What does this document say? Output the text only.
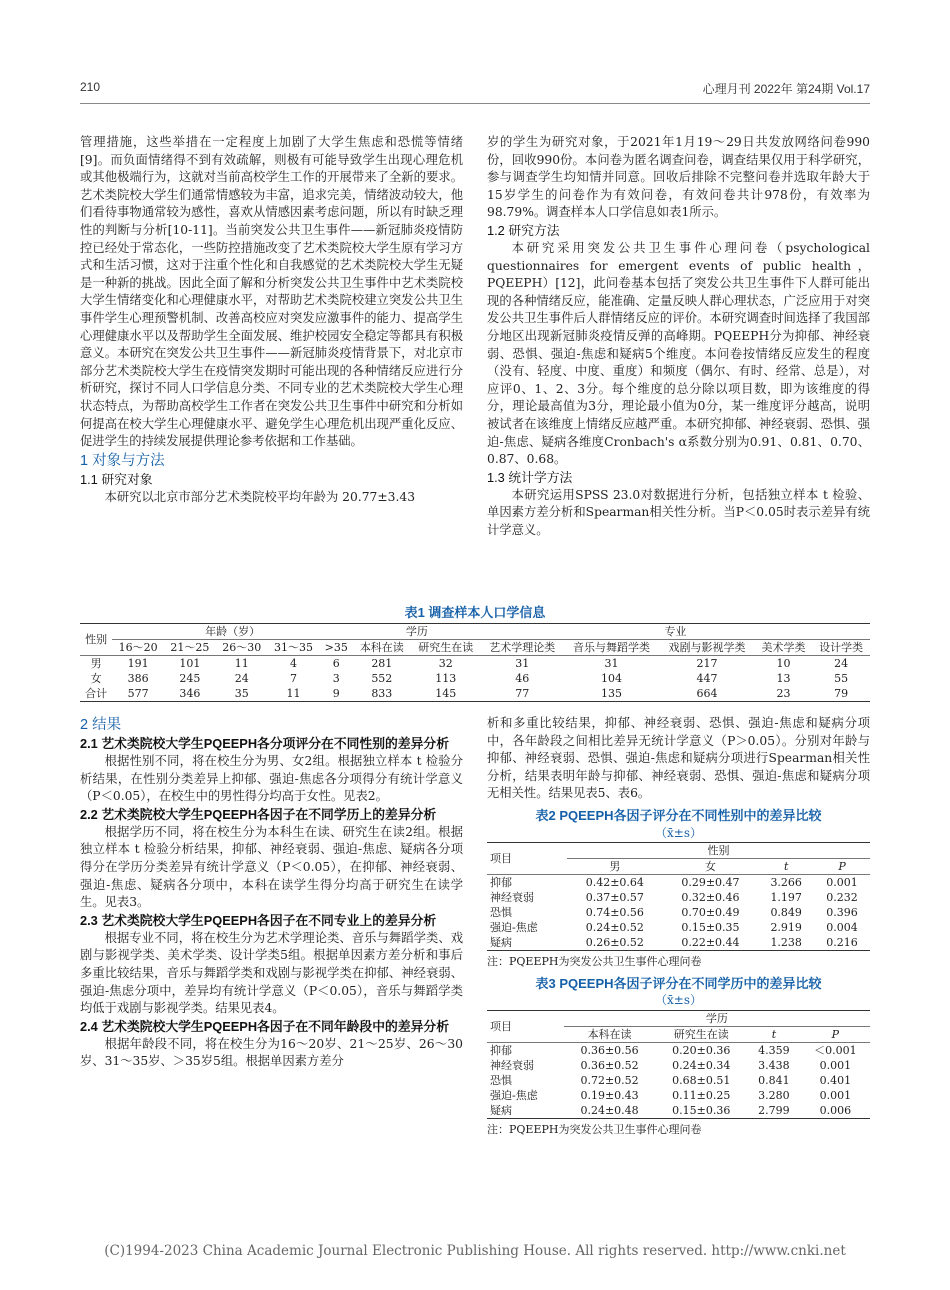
210	心理月刊 2022年 第24期 Vol.17

管理措施，这些举措在一定程度上加剧了大学生焦虑和恐慌等情绪[9]。而负面情绪得不到有效疏解，则极有可能导致学生出现心理危机或其他极端行为，这就对当前高校学生工作的开展带来了全新的要求。艺术类院校大学生们通常情感较为丰富，追求完美，情绪波动较大，他们看待事物通常较为感性，喜欢从情感因素考虑问题，所以有时缺乏理性的判断与分析[10-11]。当前突发公共卫生事件——新冠肺炎疫情防控已经处于常态化，一些防控措施改变了艺术类院校大学生原有学习方式和生活习惯，这对于注重个性化和自我感觉的艺术类院校大学生无疑是一种新的挑战。因此全面了解和分析突发公共卫生事件中艺术类院校大学生情绪变化和心理健康水平，对帮助艺术类院校建立突发公共卫生事件学生心理预警机制、改善高校应对突发应激事件的能力、提高学生心理健康水平以及帮助学生全面发展、维护校园安全稳定等都具有积极意义。本研究在突发公共卫生事件——新冠肺炎疫情背景下，对北京市部分艺术类院校大学生在疫情突发期时可能出现的各种情绪反应进行分析研究，探讨不同人口学信息分类、不同专业的艺术类院校大学生心理状态特点，为帮助高校学生工作者在突发公共卫生事件中研究和分析如何提高在校大学生心理健康水平、避免学生心理危机出现严重化反应、促进学生的持续发展提供理论参考依据和工作基础。

1 对象与方法
1.1 研究对象

本研究以北京市部分艺术类院校平均年龄为 20.77±3.43

岁的学生为研究对象，于2021年1月19～29日共发放网络问卷990份，回收990份。本问卷为匿名调查问卷，调查结果仅用于科学研究，参与调查学生均知情并同意。回收后排除不完整问卷并选取年龄大于15岁学生的问卷作为有效问卷，有效问卷共计978份，有效率为98.79%。调查样本人口学信息如表1所示。

1.2 研究方法

本研究采用突发公共卫生事件心理问卷（psychological questionnaires for emergent events of public health，PQEEPH）[12]，此问卷基本包括了突发公共卫生事件下人群可能出现的各种情绪反应，能准确、定量反映人群心理状态，广泛应用于对突发公共卫生事件后人群情绪反应的评价。本研究调查时间选择了我国部分地区出现新冠肺炎疫情反弹的高峰期。PQEEPH分为抑郁、神经衰弱、恐惧、强迫-焦虑和疑病5个维度。本问卷按情绪反应发生的程度（没有、轻度、中度、重度）和频度（偶尔、有时、经常、总是），对应评0、1、2、3分。每个维度的总分除以项目数，即为该维度的得分，理论最高值为3分，理论最小值为0分，某一维度评分越高，说明被试者在该维度上情绪反应越严重。本研究抑郁、神经衰弱、恐惧、强迫-焦虑、疑病各维度Cronbach's α系数分别为0.91、0.81、0.70、0.87、0.68。

1.3 统计学方法

本研究运用SPSS 23.0对数据进行分析，包括独立样本 t 检验、单因素方差分析和Spearman相关性分析。当P＜0.05时表示差异有统计学意义。

表1 调查样本人口学信息
性别	年龄（岁）					学历		专业				
	16～20	21～25	26～30	31～35	>35	本科在读	研究生在读	艺术学理论类	音乐与舞蹈学类	戏剧与影视学类	美术学类	设计学类
男	191	101	11	4	6	281	32	31	31	217	10	24
女	386	245	24	7	3	552	113	46	104	447	13	55
合计	577	346	35	11	9	833	145	77	135	664	23	79
2 结果
2.1 艺术类院校大学生PQEEPH各分项评分在不同性别的差异分析

根据性别不同，将在校生分为男、女2组。根据独立样本 t 检验分析结果，在性别分类差异上抑郁、强迫-焦虑各分项得分有统计学意义（P＜0.05），在校生中的男性得分均高于女性。见表2。

2.2 艺术类院校大学生PQEEPH各因子在不同学历上的差异分析

根据学历不同，将在校生分为本科生在读、研究生在读2组。根据独立样本 t 检验分析结果，抑郁、神经衰弱、强迫-焦虑、疑病各分项得分在学历分类差异有统计学意义（P＜0.05），在抑郁、神经衰弱、强迫-焦虑、疑病各分项中，本科在读学生得分均高于研究生在读学生。见表3。

2.3 艺术类院校大学生PQEEPH各因子在不同专业上的差异分析

根据专业不同，将在校生分为艺术学理论类、音乐与舞蹈学类、戏剧与影视学类、美术学类、设计学类5组。根据单因素方差分析和事后多重比较结果，音乐与舞蹈学类和戏剧与影视学类在抑郁、神经衰弱、强迫-焦虑分项中，差异均有统计学意义（P＜0.05），音乐与舞蹈学类均低于戏剧与影视学类。结果见表4。

2.4 艺术类院校大学生PQEEPH各因子在不同年龄段中的差异分析

根据年龄段不同，将在校生分为16～20岁、21～25岁、26～30岁、31～35岁、＞35岁5组。根据单因素方差分

析和多重比较结果，抑郁、神经衰弱、恐惧、强迫-焦虑和疑病分项中，各年龄段之间相比差异无统计学意义（P＞0.05）。分别对年龄与抑郁、神经衰弱、恐惧、强迫-焦虑和疑病分项进行Spearman相关性分析，结果表明年龄与抑郁、神经衰弱、恐惧、强迫-焦虑和疑病分项无相关性。结果见表5、表6。

表2 PQEEPH各因子评分在不同性别中的差异比较
（x̄±s）
项目	性别			
	男	女	t	P
抑郁	0.42±0.64	0.29±0.47	3.266	0.001
神经衰弱	0.37±0.57	0.32±0.46	1.197	0.232
恐惧	0.74±0.56	0.70±0.49	0.849	0.396
强迫-焦虑	0.24±0.52	0.15±0.35	2.919	0.004
疑病	0.26±0.52	0.22±0.44	1.238	0.216
注：PQEEPH为突发公共卫生事件心理问卷
表3 PQEEPH各因子评分在不同学历中的差异比较
（x̄±s）
项目	学历			
	本科在读	研究生在读	t	P
抑郁	0.36±0.56	0.20±0.36	4.359	＜0.001
神经衰弱	0.36±0.52	0.24±0.34	3.438	0.001
恐惧	0.72±0.52	0.68±0.51	0.841	0.401
强迫-焦虑	0.19±0.43	0.11±0.25	3.280	0.001
疑病	0.24±0.48	0.15±0.36	2.799	0.006
注：PQEEPH为突发公共卫生事件心理问卷
(C)1994-2023 China Academic Journal Electronic Publishing House. All rights reserved. http://www.cnki.net
